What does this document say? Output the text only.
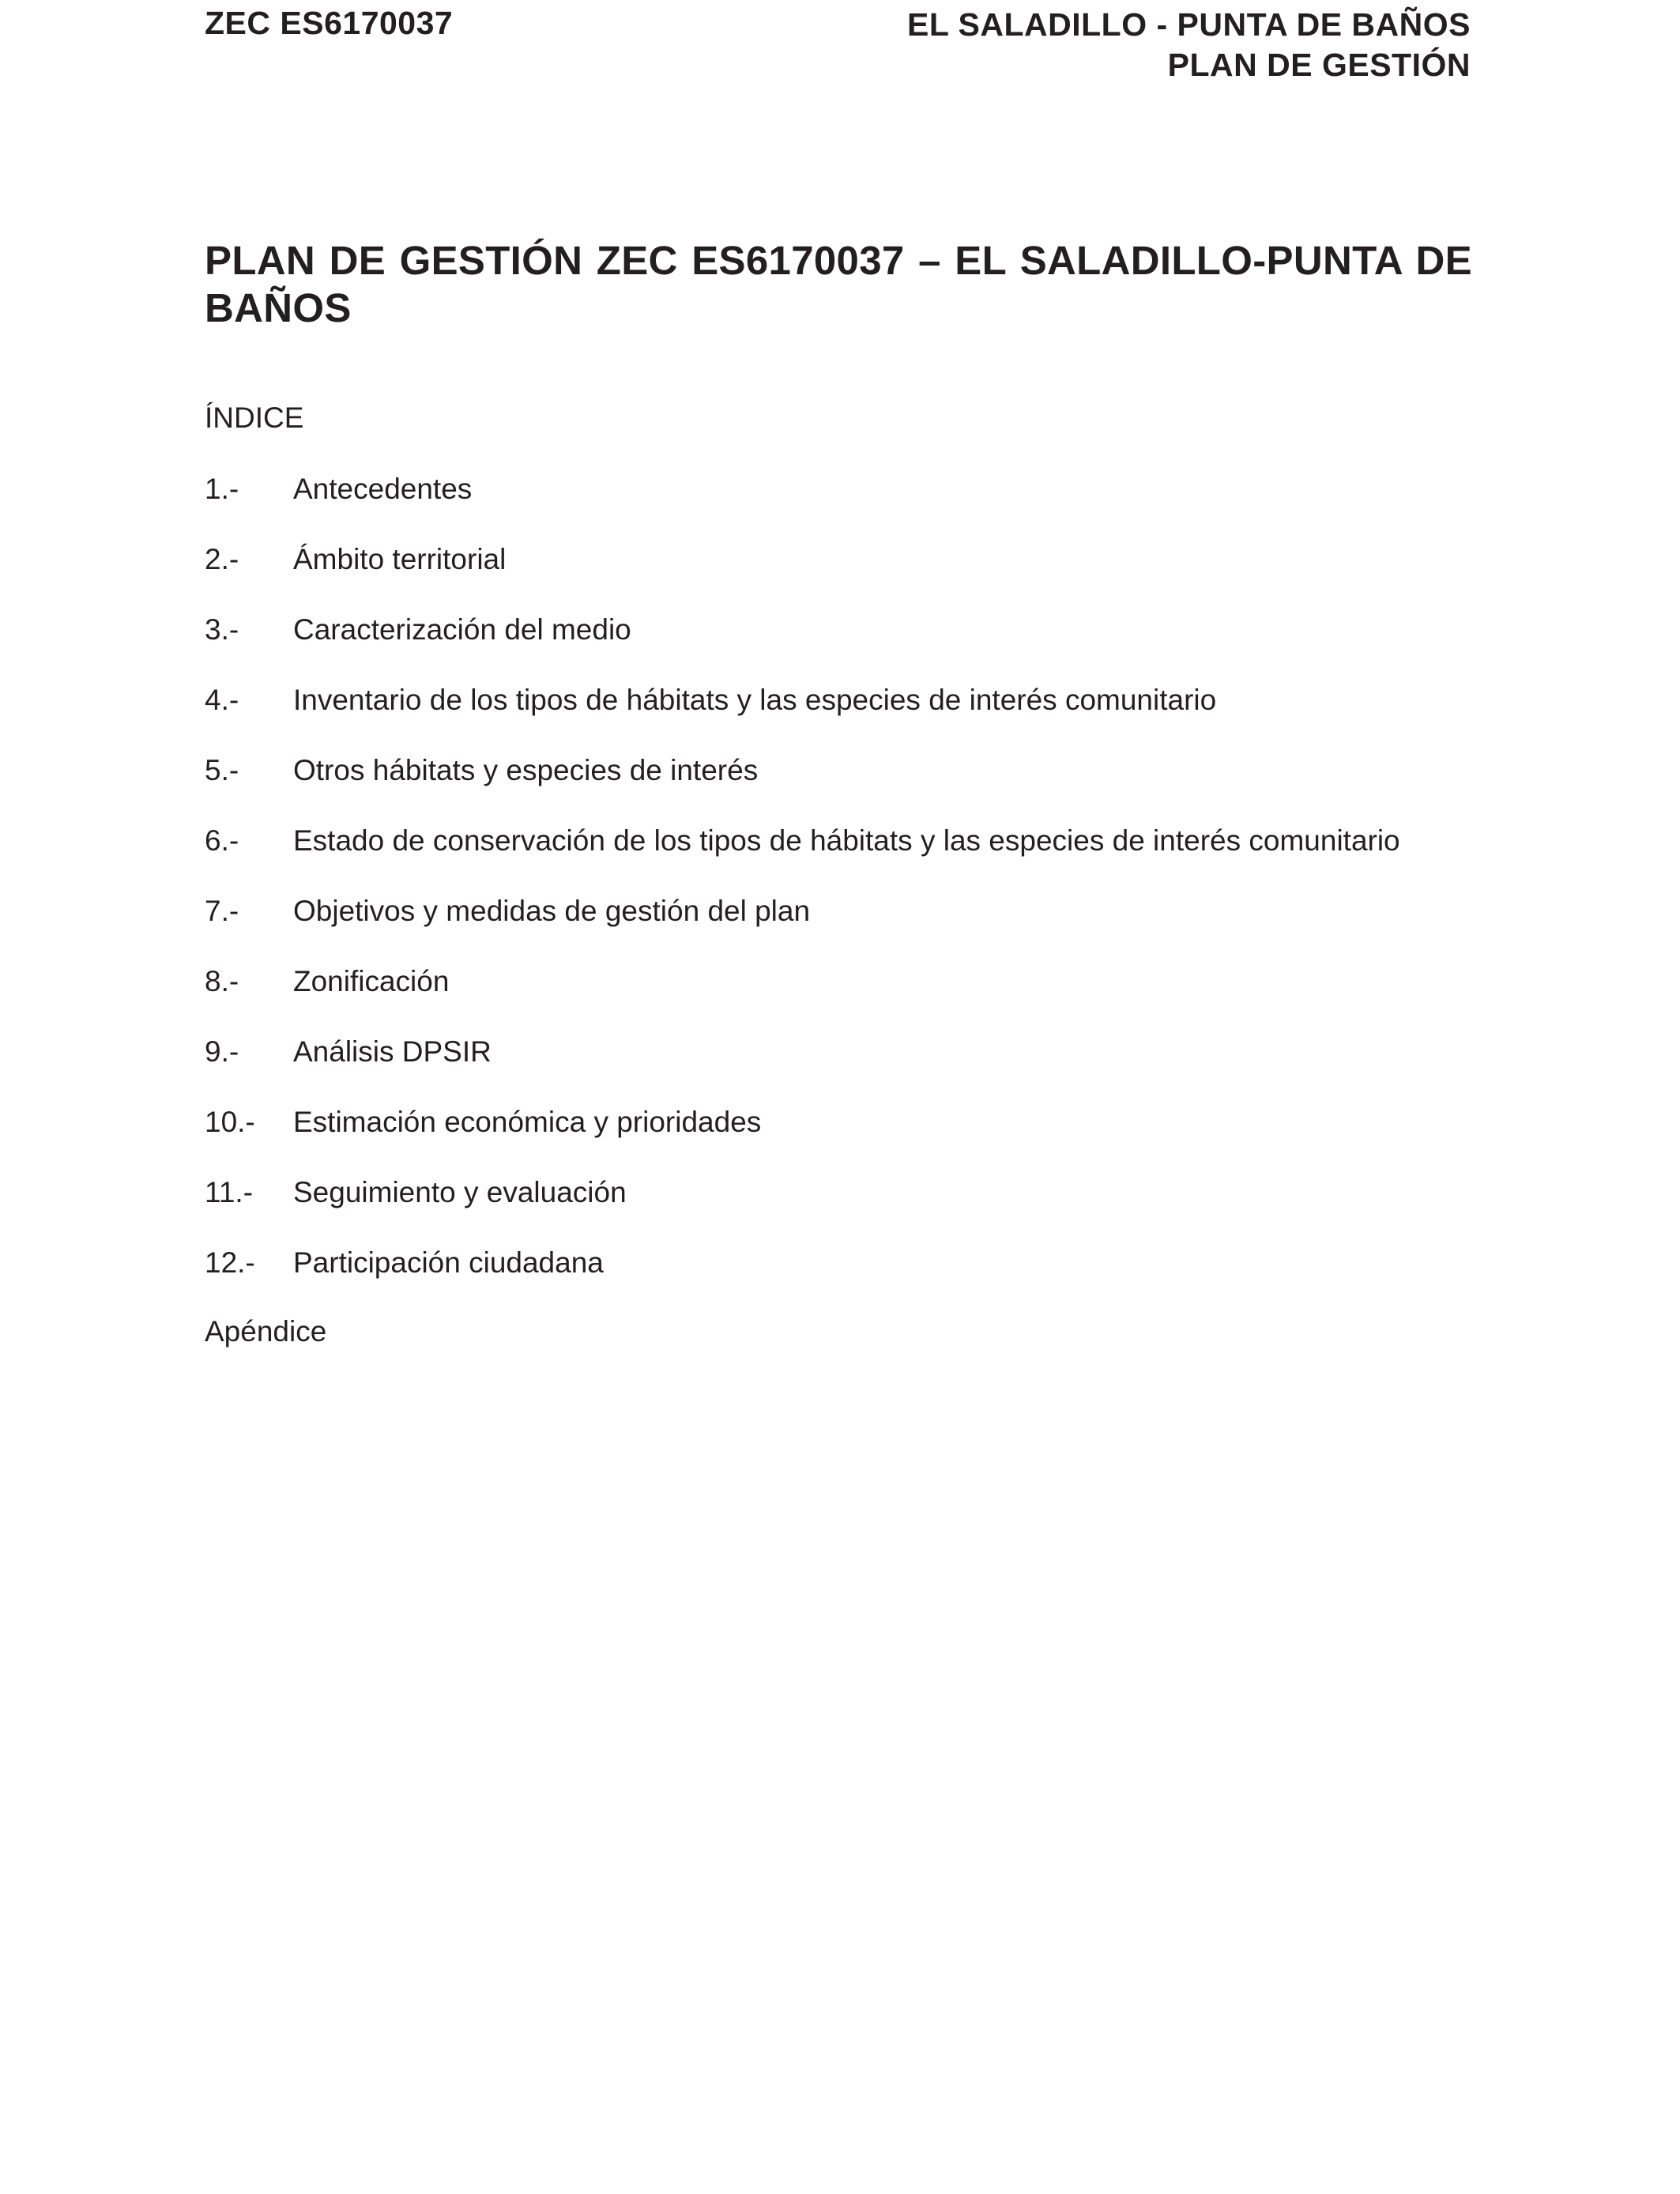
ZEC ES6170037	EL SALADILLO - PUNTA DE BAÑOS
PLAN DE GESTIÓN
PLAN DE GESTIÓN ZEC ES6170037 – EL SALADILLO-PUNTA DE BAÑOS
ÍNDICE
1.-	Antecedentes
2.-	Ámbito territorial
3.-	Caracterización del medio
4.-	Inventario de los tipos de hábitats y las especies de interés comunitario
5.-	Otros hábitats y especies de interés
6.-	Estado de conservación de los tipos de hábitats y las especies de interés comunitario
7.-	Objetivos y medidas de gestión del plan
8.-	Zonificación
9.-	Análisis DPSIR
10.-	Estimación económica y prioridades
11.-	Seguimiento y evaluación
12.-	Participación ciudadana
Apéndice
